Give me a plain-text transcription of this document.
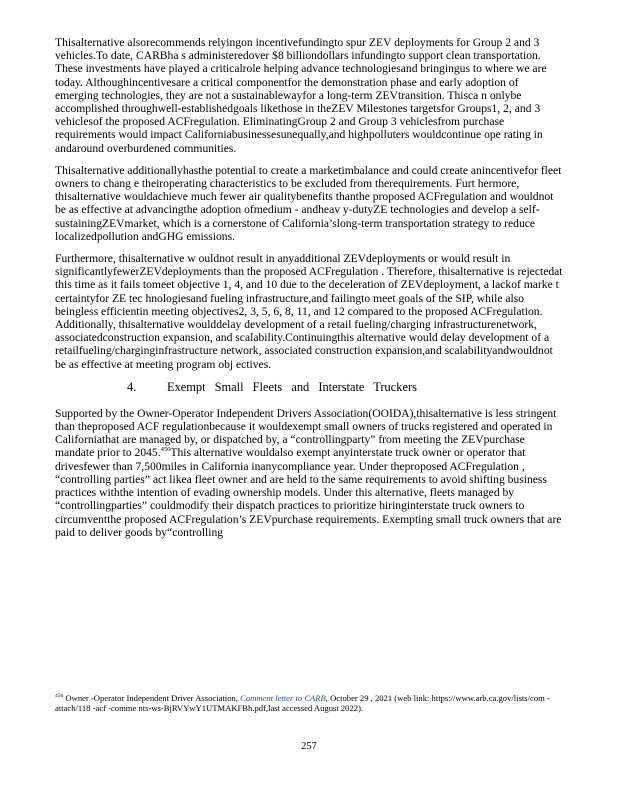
Thisalternative alsorecommends relyingon incentivefundingto spur ZEV deployments for Group 2 and 3 vehicles.To date, CARBha s administeredover $8 billiondollars infundingto support clean transportation. These investments have played a criticalrole helping advance technologiesand bringingus to where we are today. Althoughincentivesare a critical componentfor the demonstration phase and early adoption of emerging technologies, they are not a sustainablewayfor a long-term ZEVtransition. Thisca n onlybe accomplished throughwell-establishedgoals likethose in theZEV Milestones targetsfor Groups1, 2, and 3 vehiclesof the proposed ACFregulation. EliminatingGroup 2 and Group 3 vehiclesfrom purchase requirements would impact Californiabusinessesunequally,and highpolluters wouldcontinue ope rating in andaround overburdened communities.

Thisalternative additionallyhasthe potential to create a marketimbalance and could create anincentivefor fleet owners to chang e theiroperating characteristics to be excluded from therequirements. Furt hermore, thisalternative wouldachieve much fewer air qualitybenefits thanthe proposed ACFregulation and wouldnot be as effective at advancingthe adoption ofmedium - andheav y-dutyZE technologies and develop a self-sustainingZEVmarket, which is a cornerstone of California’slong-term transportation strategy to reduce localizedpollution andGHG emissions.

Furthermore, thisalternative w ouldnot result in anyadditional ZEVdeployments or would result in significantlyfewerZEVdeployments than the proposed ACFregulation . Therefore, thisalternative is rejectedat this time as it fails tomeet objective 1, 4, and 10 due to the deceleration of ZEVdeployment, a lackof marke t certaintyfor ZE tec hnologiesand fueling infrastructure,and failingto meet goals of the SIP, while also beingless efficientin meeting objectives2, 3, 5, 6, 8, 11, and 12 compared to the proposed ACFregulation. Additionally, thisalternative woulddelay development of a retail fueling/charging infrastructurenetwork, associatedconstruction expansion, and scalability.Continuingthis alternative would delay development of a retailfueling/charginginfrastructure network, associated construction expansion,and scalabilityandwouldnot be as effective at meeting program obj ectives.

4.	Exempt Small Fleets and Interstate Truckers

Supported by the Owner-Operator Independent Drivers Association(OOIDA),thisalternative is less stringent than theproposed ACF regulationbecause it wouldexempt small owners of trucks registered and operated in Californiathat are managed by, or dispatched by, a “controllingparty” from meeting the ZEVpurchase mandate prior to 2045.$^{456}$This alternative wouldalso exempt anyinterstate truck owner or operator that drivesfewer than 7,500miles in California inanycompliance year. Under theproposed ACFregulation , “controlling parties” act likea fleet owner and are held to the same requirements to avoid shifting business practices withthe intention of evading ownership models. Under this alternative, fleets managed by “controllingparties” couldmodify their dispatch practices to prioritize hiringinterstate truck owners to circumventthe proposed ACFregulation’s ZEVpurchase requirements. Exempting small truck owners that are paid to deliver goods by“controlling

$^{456}$ Owner -Operator Independent Driver Association, Comment letter to CARB, October 29 , 2021 (web link: https://www.arb.ca.gov/lists/com -attach/118 -acf -comme nts-ws-BjRVYwY1UTMAKFBh.pdf,last accessed August 2022).
257
